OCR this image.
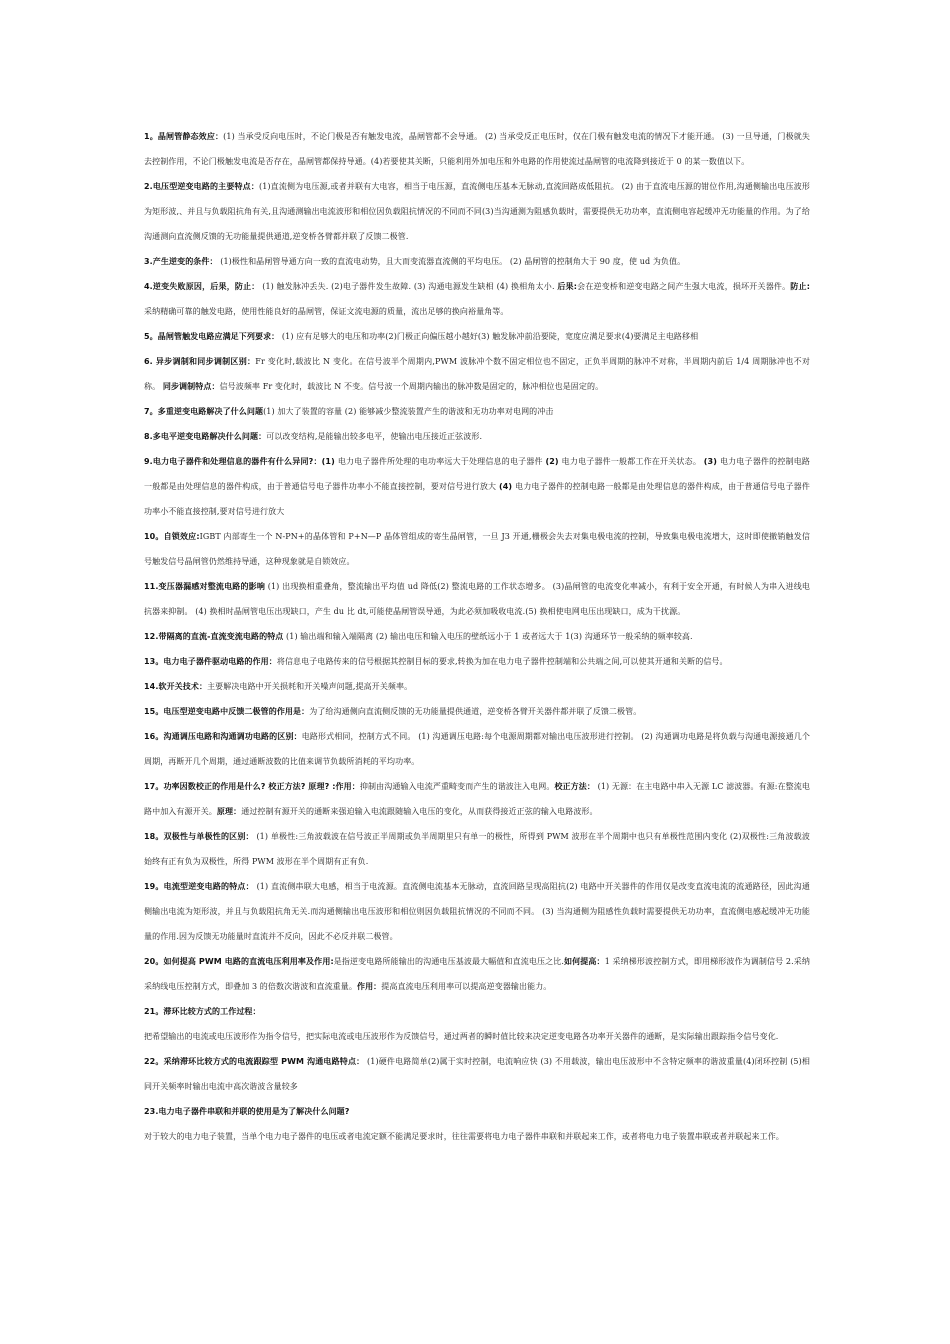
1。晶闸管静态效应：(1) 当承受反向电压时，不论门极是否有触发电流，晶闸管都不会导通。 (2) 当承受反正电压时，仅在门极有触发电流的情况下才能开通。 (3) 一旦导通，门极就失去控制作用，不论门极触发电流是否存在，晶闸管都保持导通。(4)若要使其关断，只能利用外加电压和外电路的作用使流过晶闸管的电流降到接近于 0 的某一数值以下。

2.电压型逆变电路的主要特点：(1)直流侧为电压源,或者并联有大电容，相当于电压源，直流侧电压基本无脉动,直流回路成低阻抗。 (2) 由于直流电压源的钳位作用,沟通侧输出电压波形为矩形波,、并且与负载阻抗角有关,且沟通测输出电流波形和相位因负载阻抗情况的不同而不同(3)当沟通测为阻感负载时，需要提供无功功率，直流侧电容起缓冲无功能量的作用。为了给沟通测向直流侧反馈的无功能量提供通道,逆变桥各臂都并联了反馈二极管.

3.产生逆变的条件： (1)极性和晶闸管导通方向一致的直流电动势，且大而变流器直流侧的平均电压。 (2) 晶闸管的控制角大于 90 度，使 ud 为负值。

4.逆变失败原因，后果，防止： (1) 触发脉冲丢失. (2)电子器件发生故障. (3) 沟通电源发生缺相 (4) 换相角太小. 后果:会在逆变桥和逆变电路之间产生强大电流，损坏开关器件。防止:采纳精确可靠的触发电路，使用性能良好的晶闸管，保证文流电源的质量，流出足够的换向裕量角等。

5。晶闸管触发电路应满足下列要求： (1) 应有足够大的电压和功率(2)门极正向偏压越小越好(3) 触发脉冲前沿要陡，宽度应满足要求(4)要满足主电路移相

6. 异步调制和同步调制区别：Fr 变化时,载波比 N 变化。在信号波半个周期内,PWM 波脉冲个数不固定相位也不固定，正负半周期的脉冲不对称，半周期内前后 1/4 周期脉冲也不对称。 同步调制特点：信号波频率 Fr 变化时，载波比 N 不变。信号波一个周期内输出的脉冲数是固定的，脉冲相位也是固定的。

7。多重逆变电路解决了什么问题(1) 加大了装置的容量 (2) 能够减少整流装置产生的谐波和无功功率对电网的冲击

8.多电平逆变电路解决什么问题：可以改变结构,是能输出较多电平，使输出电压接近正弦波形.

9.电力电子器件和处理信息的器件有什么异同?：(1) 电力电子器件所处理的电功率远大于处理信息的电子器件 (2) 电力电子器件一般都工作在开关状态。 (3) 电力电子器件的控制电路一般都是由处理信息的器件构成，由于普通信号电子器件功率小不能直接控制，要对信号进行放大 (4) 电力电子器件的控制电路一般都是由处理信息的器件构成，由于普通信号电子器件功率小不能直接控制,要对信号进行放大

10。自锁效应:IGBT 内部寄生一个 N-PN+的晶体管和 P+N—P 晶体管组成的寄生晶闸管，一旦 J3 开通,栅极会失去对集电极电流的控制，导致集电极电流增大，这时即使撤销触发信号触发信号晶闸管仍然维持导通，这种现象就是自锁效应。

11.变压器漏感对整流电路的影响 (1) 出现换相重叠角，整流输出平均值 ud 降低(2) 整流电路的工作状态增多。 (3)晶闸管的电流变化率减小，有利于安全开通，有时候人为串入进线电抗器来抑制。 (4) 换相时晶闸管电压出现缺口，产生 du 比 dt,可能使晶闸管误导通，为此必须加吸收电流.(5) 换相使电网电压出现缺口，成为干扰源。

12.带隔离的直流-直流变流电路的特点 (1) 输出端和输入端隔离 (2) 输出电压和输入电压的壁纸远小于 1 或者远大于 1(3) 沟通环节一般采纳的频率较高.

13。电力电子器件驱动电路的作用：将信息电子电路传来的信号根据其控制目标的要求,转换为加在电力电子器件控制端和公共端之间,可以使其开通和关断的信号。

14.软开关技术：主要解决电路中开关损耗和开关噪声问题,提高开关频率。

15。电压型逆变电路中反馈二极管的作用是：为了给沟通侧向直流侧反馈的无功能量提供通道，逆变桥各臂开关器件都并联了反馈二极管。

16。沟通调压电路和沟通调功电路的区别：电路形式相同，控制方式不同。 (1) 沟通调压电路:每个电源周期都对输出电压波形进行控制。 (2) 沟通调功电路是将负载与沟通电源接通几个周期，再断开几个周期，通过通断波数的比值来调节负载所消耗的平均功率。

17。功率因数校正的作用是什么? 校正方法? 原理? :作用：抑制由沟通输入电流严重畸变而产生的谐波注入电网。校正方法： (1) 无源：在主电路中串入无源 LC 滤波器。有源:在整流电路中加入有源开关。原理：通过控制有源开关的通断来强迫输入电流跟随输入电压的变化，从而获得接近正弦的输入电路波形。

18。双极性与单极性的区别： (1) 单极性:三角波载波在信号波正半周期或负半周期里只有单一的极性，所得到 PWM 波形在半个周期中也只有单极性范围内变化 (2)双极性:三角波载波始终有正有负为双极性，所得 PWM 波形在半个周期有正有负.

19。电流型逆变电路的特点： (1) 直流侧串联大电感，相当于电流源。直流侧电流基本无脉动，直流回路呈现高阻抗(2) 电路中开关器件的作用仅是改变直流电流的流通路径，因此沟通侧输出电流为矩形波，并且与负载阻抗角无关.而沟通侧输出电压波形和相位则因负载阻抗情况的不同而不同。 (3) 当沟通侧为阻感性负载时需要提供无功功率，直流侧电感起缓冲无功能量的作用.因为反馈无功能量时直流并不反向，因此不必反并联二极管。

20。如何提高 PWM 电路的直流电压利用率及作用:是指逆变电路所能输出的沟通电压基波最大幅值和直流电压之比.如何提高：1 采纳梯形波控制方式，即用梯形波作为调制信号 2.采纳采纳线电压控制方式，即叠加 3 的倍数次谐波和直流重量。作用：提高直流电压利用率可以提高逆变器输出能力。

21。滞环比较方式的工作过程：

把希望输出的电流或电压波形作为指令信号，把实际电流或电压波形作为反馈信号，通过两者的瞬时值比较来决定逆变电路各功率开关器件的通断，是实际输出跟踪指令信号变化.

22。采纳滞环比较方式的电流跟踪型 PWM 沟通电路特点： (1)硬件电路简单(2)属于实时控制，电流响应快 (3) 不用载波，输出电压波形中不含特定频率的谐波重量(4)闭环控制 (5)相同开关频率时输出电流中高次谐波含量较多

23.电力电子器件串联和并联的使用是为了解决什么问题?

对于较大的电力电子装置，当单个电力电子器件的电压或者电流定额不能满足要求时，往往需要将电力电子器件串联和并联起来工作，或者将电力电子装置串联或者并联起来工作。
